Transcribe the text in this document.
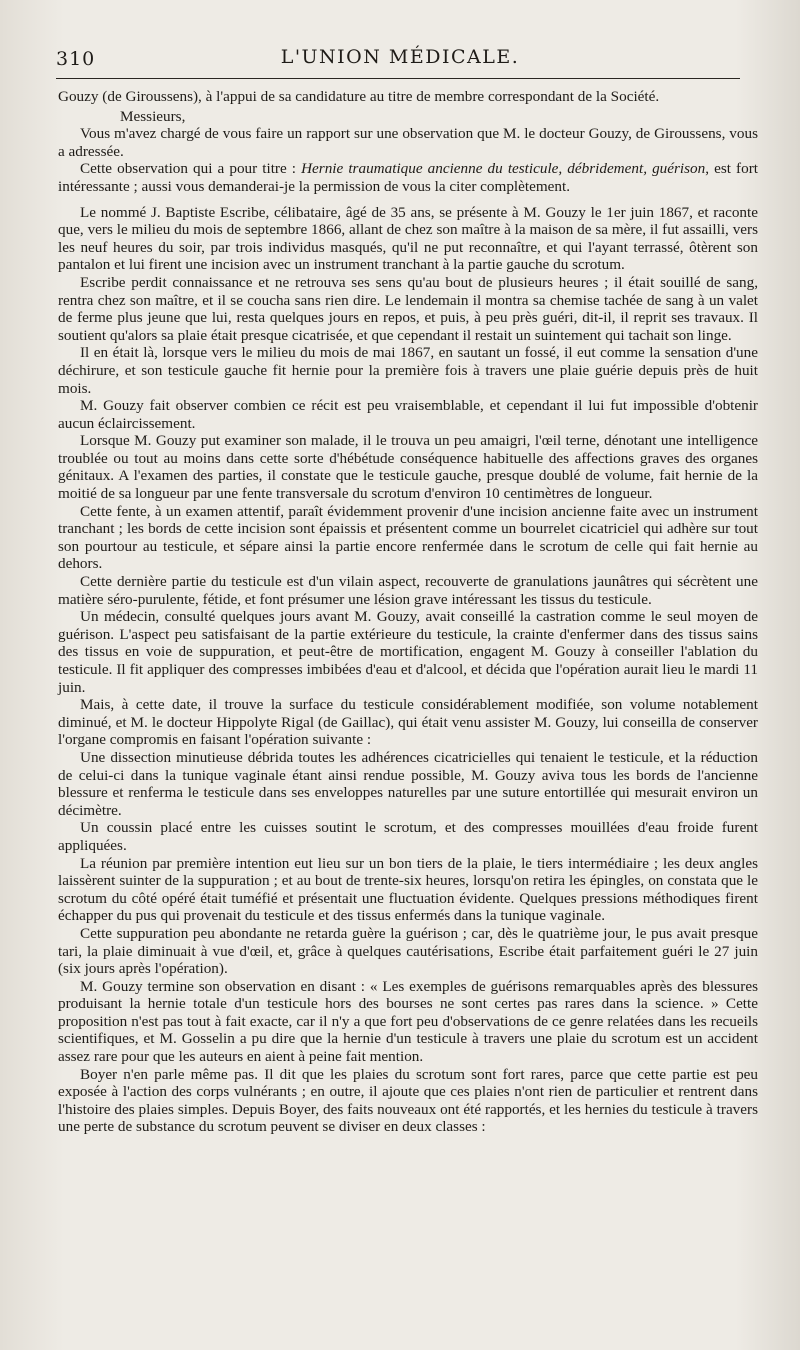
310	L'UNION MÉDICALE.

Gouzy (de Giroussens), à l'appui de sa candidature au titre de membre correspondant de la Société.

Messieurs,

Vous m'avez chargé de vous faire un rapport sur une observation que M. le docteur Gouzy, de Giroussens, vous a adressée.

Cette observation qui a pour titre : Hernie traumatique ancienne du testicule, débridement, guérison, est fort intéressante ; aussi vous demanderai-je la permission de vous la citer complètement.

Le nommé J. Baptiste Escribe, célibataire, âgé de 35 ans, se présente à M. Gouzy le 1er juin 1867, et raconte que, vers le milieu du mois de septembre 1866, allant de chez son maître à la maison de sa mère, il fut assailli, vers les neuf heures du soir, par trois individus masqués, qu'il ne put reconnaître, et qui l'ayant terrassé, ôtèrent son pantalon et lui firent une incision avec un instrument tranchant à la partie gauche du scrotum.

Escribe perdit connaissance et ne retrouva ses sens qu'au bout de plusieurs heures ; il était souillé de sang, rentra chez son maître, et il se coucha sans rien dire. Le lendemain il montra sa chemise tachée de sang à un valet de ferme plus jeune que lui, resta quelques jours en repos, et puis, à peu près guéri, dit-il, il reprit ses travaux. Il soutient qu'alors sa plaie était presque cicatrisée, et que cependant il restait un suintement qui tachait son linge.

Il en était là, lorsque vers le milieu du mois de mai 1867, en sautant un fossé, il eut comme la sensation d'une déchirure, et son testicule gauche fit hernie pour la première fois à travers une plaie guérie depuis près de huit mois.

M. Gouzy fait observer combien ce récit est peu vraisemblable, et cependant il lui fut impossible d'obtenir aucun éclaircissement.

Lorsque M. Gouzy put examiner son malade, il le trouva un peu amaigri, l'œil terne, dénotant une intelligence troublée ou tout au moins dans cette sorte d'hébétude conséquence habituelle des affections graves des organes génitaux. A l'examen des parties, il constate que le testicule gauche, presque doublé de volume, fait hernie de la moitié de sa longueur par une fente transversale du scrotum d'environ 10 centimètres de longueur.

Cette fente, à un examen attentif, paraît évidemment provenir d'une incision ancienne faite avec un instrument tranchant ; les bords de cette incision sont épaissis et présentent comme un bourrelet cicatriciel qui adhère sur tout son pourtour au testicule, et sépare ainsi la partie encore renfermée dans le scrotum de celle qui fait hernie au dehors.

Cette dernière partie du testicule est d'un vilain aspect, recouverte de granulations jaunâtres qui sécrètent une matière séro-purulente, fétide, et font présumer une lésion grave intéressant les tissus du testicule.

Un médecin, consulté quelques jours avant M. Gouzy, avait conseillé la castration comme le seul moyen de guérison. L'aspect peu satisfaisant de la partie extérieure du testicule, la crainte d'enfermer dans des tissus sains des tissus en voie de suppuration, et peut-être de mortification, engagent M. Gouzy à conseiller l'ablation du testicule. Il fit appliquer des compresses imbibées d'eau et d'alcool, et décida que l'opération aurait lieu le mardi 11 juin.

Mais, à cette date, il trouve la surface du testicule considérablement modifiée, son volume notablement diminué, et M. le docteur Hippolyte Rigal (de Gaillac), qui était venu assister M. Gouzy, lui conseilla de conserver l'organe compromis en faisant l'opération suivante :

Une dissection minutieuse débrida toutes les adhérences cicatricielles qui tenaient le testicule, et la réduction de celui-ci dans la tunique vaginale étant ainsi rendue possible, M. Gouzy aviva tous les bords de l'ancienne blessure et renferma le testicule dans ses enveloppes naturelles par une suture entortillée qui mesurait environ un décimètre.

Un coussin placé entre les cuisses soutint le scrotum, et des compresses mouillées d'eau froide furent appliquées.

La réunion par première intention eut lieu sur un bon tiers de la plaie, le tiers intermédiaire ; les deux angles laissèrent suinter de la suppuration ; et au bout de trente-six heures, lorsqu'on retira les épingles, on constata que le scrotum du côté opéré était tuméfié et présentait une fluctuation évidente. Quelques pressions méthodiques firent échapper du pus qui provenait du testicule et des tissus enfermés dans la tunique vaginale.

Cette suppuration peu abondante ne retarda guère la guérison ; car, dès le quatrième jour, le pus avait presque tari, la plaie diminuait à vue d'œil, et, grâce à quelques cautérisations, Escribe était parfaitement guéri le 27 juin (six jours après l'opération).

M. Gouzy termine son observation en disant : « Les exemples de guérisons remarquables après des blessures produisant la hernie totale d'un testicule hors des bourses ne sont certes pas rares dans la science. » Cette proposition n'est pas tout à fait exacte, car il n'y a que fort peu d'observations de ce genre relatées dans les recueils scientifiques, et M. Gosselin a pu dire que la hernie d'un testicule à travers une plaie du scrotum est un accident assez rare pour que les auteurs en aient à peine fait mention.

Boyer n'en parle même pas. Il dit que les plaies du scrotum sont fort rares, parce que cette partie est peu exposée à l'action des corps vulnérants ; en outre, il ajoute que ces plaies n'ont rien de particulier et rentrent dans l'histoire des plaies simples. Depuis Boyer, des faits nouveaux ont été rapportés, et les hernies du testicule à travers une perte de substance du scrotum peuvent se diviser en deux classes :
